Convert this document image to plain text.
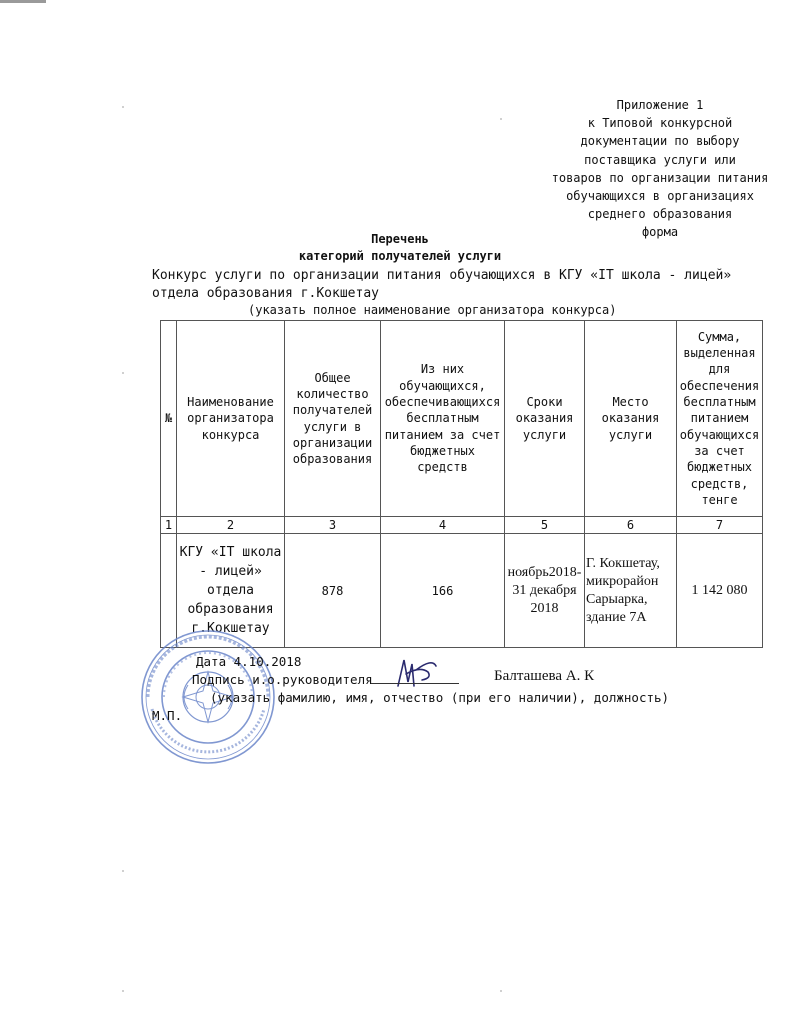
Приложение 1
к Типовой конкурсной
документации по выбору
поставщика услуги или
товаров по организации питания
обучающихся в организациях
среднего образования
форма
Перечень
категорий получателей услуги
Конкурс услуги по организации питания обучающихся в КГУ «IT школа - лицей»
отдела образования г.Кокшетау
(указать полное наименование организатора конкурса)
№	Наименование организатора конкурса	Общее количество получателей услуги в организации образования	Из них обучающихся, обеспечивающихся бесплатным питанием за счет бюджетных средств	Сроки оказания услуги	Место оказания услуги	Сумма, выделенная для обеспечения бесплатным питанием обучающихся за счет бюджетных средств, тенге
1	2	3	4	5	6	7
	КГУ «IT школа - лицей» отдела образования г.Кокшетау	878	166	ноябрь2018- 31 декабря 2018	Г. Кокшетау, микрорайон Сарыарка, здание 7А	1 142 080
Дата 4.10.2018
Подпись и.о.руководителя	Балташева А. К
(указать фамилию, имя, отчество (при его наличии), должность)
М.П.
